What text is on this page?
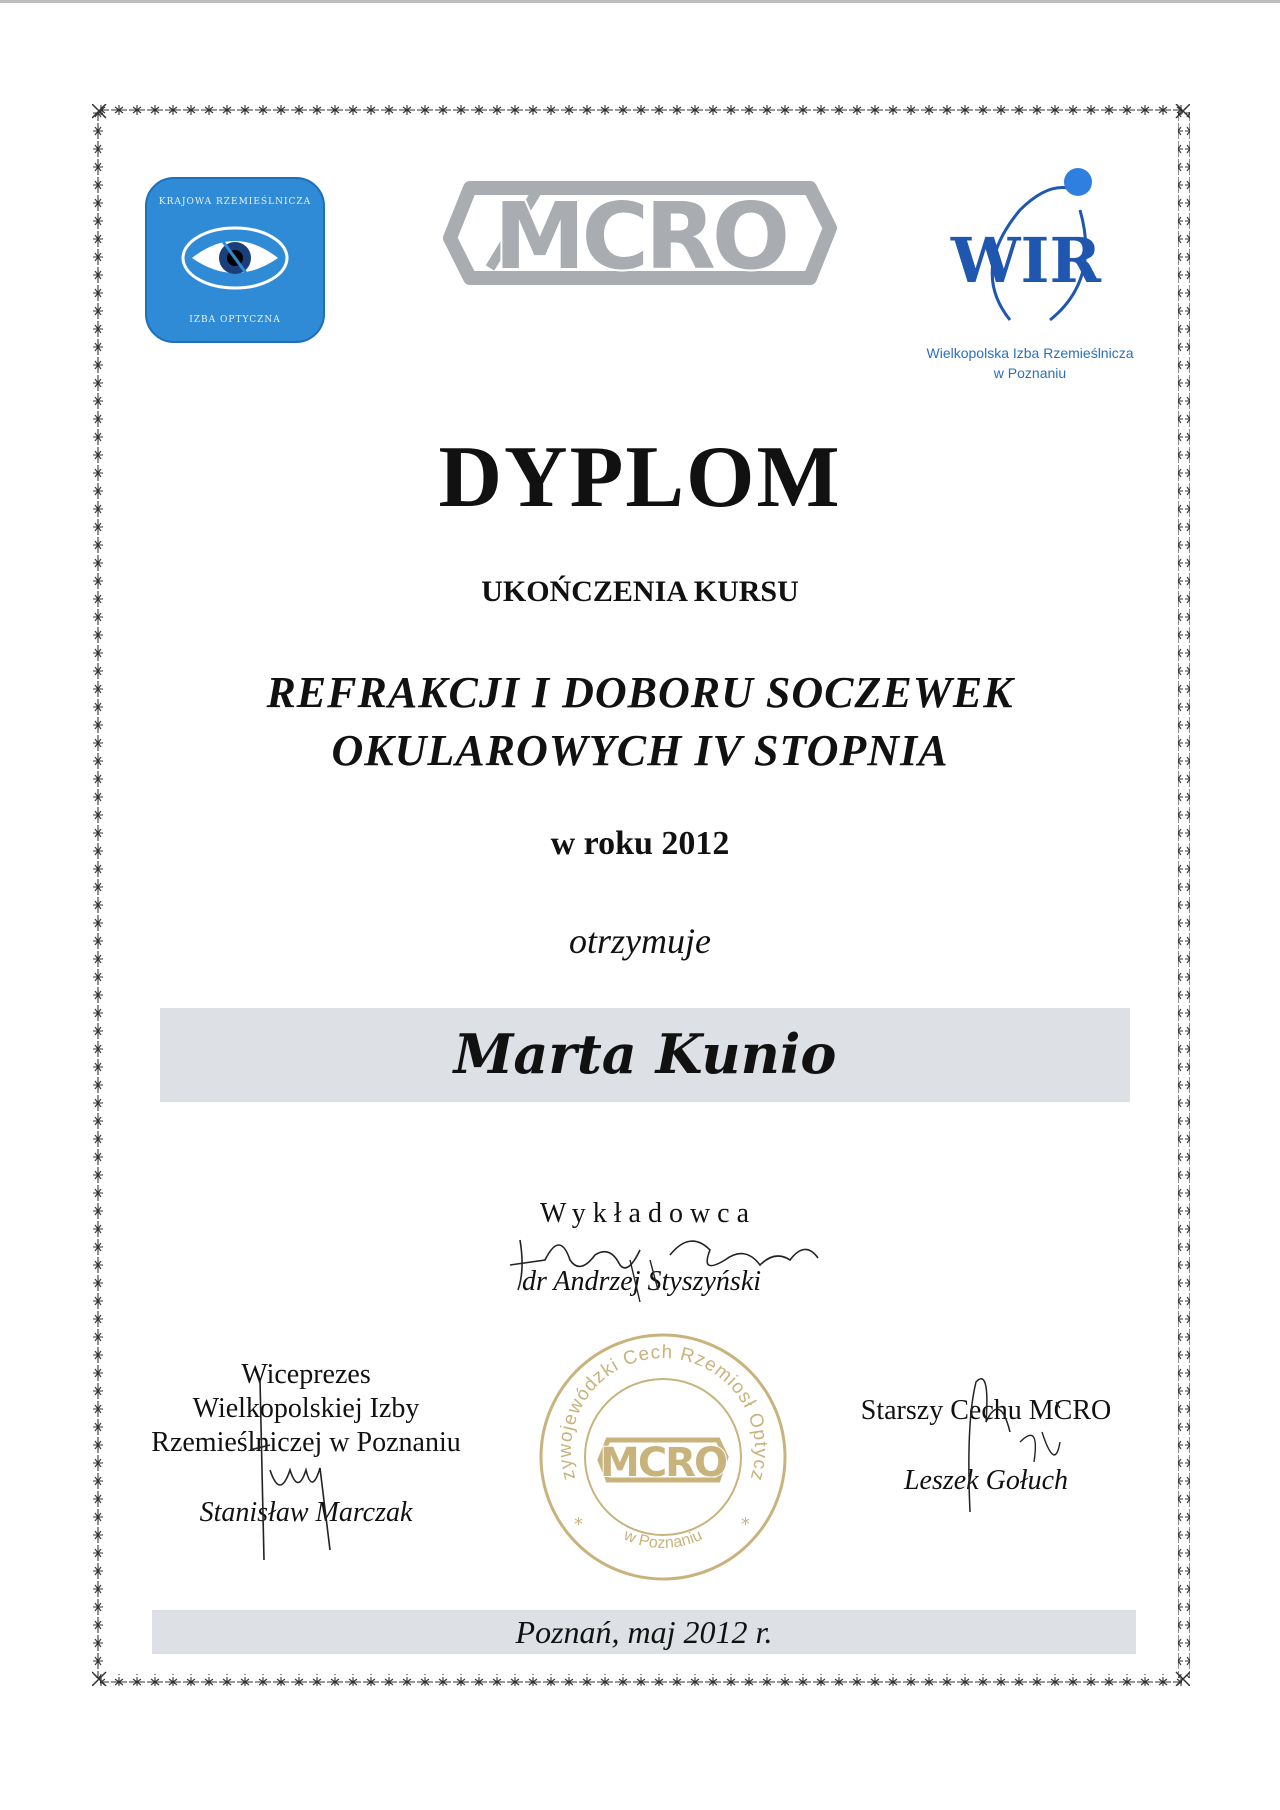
KRAJOWA RZEMIEŚLNICZA
IZBA OPTYCZNA
MCRO	WIR
Wielkopolska Izba Rzemieślnicza
w Poznaniu
DYPLOM
UKOŃCZENIA KURSU
REFRAKCJI I DOBORU SOCZEWEK
OKULAROWYCH IV STOPNIA
w roku 2012
otrzymuje
Marta Kunio
Wykładowca
dr Andrzej Styszyński
Wiceprezes
Wielkopolskiej Izby
Rzemieślniczej w Poznaniu
Stanisław Marczak
Starszy Cechu MCRO
Leszek Gołuch
zywojewódzki Cech Rzemiosł Optycz
w Poznaniu
*	*
MCRO
Poznań, maj 2012 r.
